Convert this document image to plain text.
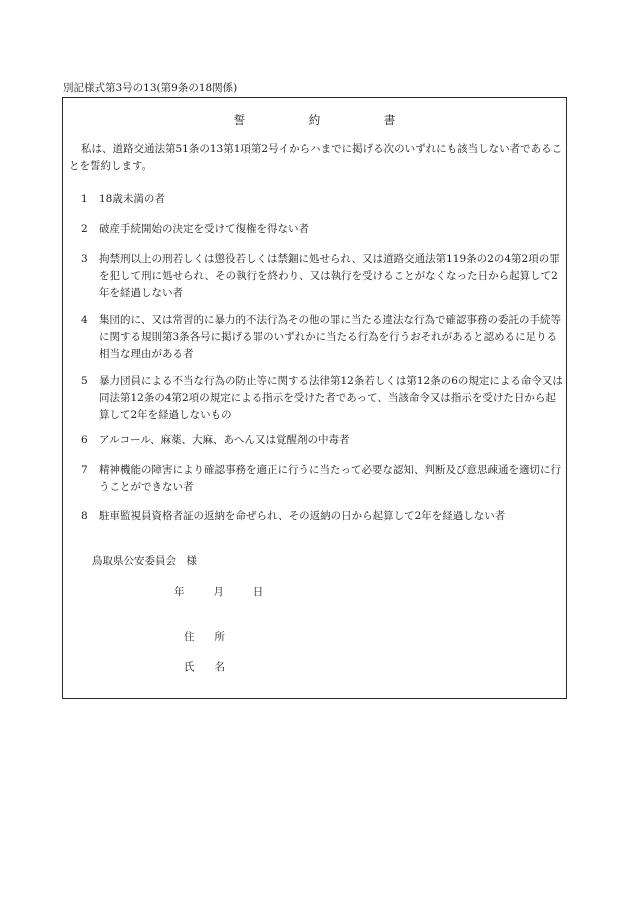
別記様式第3号の13(第9条の18関係)
誓　約　書
私は、道路交通法第51条の13第1項第2号イからハまでに掲げる次のいずれにも該当しない者であることを誓約します。
1	18歳未満の者
2	破産手続開始の決定を受けて復権を得ない者
3	拘禁刑以上の刑若しくは懲役若しくは禁錮に処せられ、又は道路交通法第119条の2の4第2項の罪を犯して刑に処せられ、その執行を終わり、又は執行を受けることがなくなった日から起算して2年を経過しない者
4	集団的に、又は常習的に暴力的不法行為その他の罪に当たる違法な行為で確認事務の委託の手続等に関する規則第3条各号に掲げる罪のいずれかに当たる行為を行うおそれがあると認めるに足りる相当な理由がある者
5	暴力団員による不当な行為の防止等に関する法律第12条若しくは第12条の6の規定による命令又は同法第12条の4第2項の規定による指示を受けた者であって、当該命令又は指示を受けた日から起算して2年を経過しないもの
6	アルコール、麻薬、大麻、あへん又は覚醒剤の中毒者
7	精神機能の障害により確認事務を適正に行うに当たって必要な認知、判断及び意思疎通を適切に行うことができない者
8	駐車監視員資格者証の返納を命ぜられ、その返納の日から起算して2年を経過しない者
鳥取県公安委員会　様
年	月	日
住所
氏名
